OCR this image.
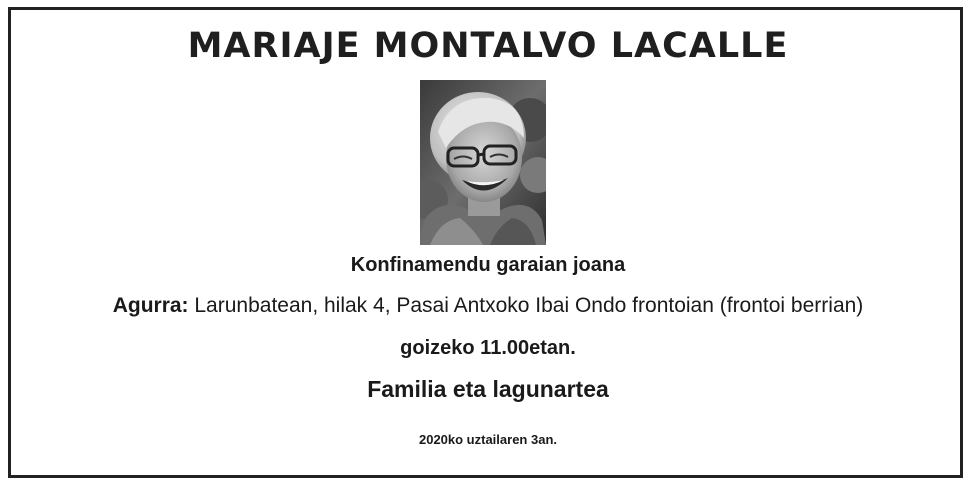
MARIAJE MONTALVO LACALLE
Konfinamendu garaian joana
Agurra: Larunbatean, hilak 4, Pasai Antxoko Ibai Ondo frontoian (frontoi berrian)
goizeko 11.00etan.
Familia eta lagunartea
2020ko uztailaren 3an.
